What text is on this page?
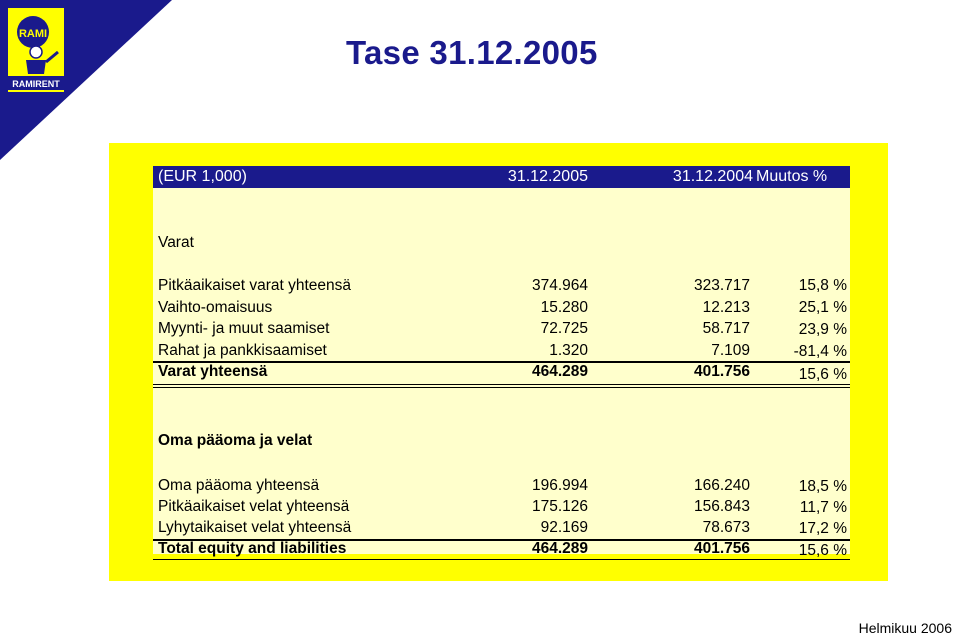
RAMI
RAMIRENT
Tase 31.12.2005
(EUR 1,000)	31.12.2005	31.12.2004 Muutos %
Varat
Pitkäaikaiset varat yhteensä	374.964	323.717	15,8 %
Vaihto-omaisuus	15.280	12.213	25,1 %
Myynti- ja muut saamiset	72.725	58.717	23,9 %
Rahat ja pankkisaamiset	1.320	7.109	-81,4 %
Varat yhteensä	464.289	401.756	15,6 %
Oma pääoma ja velat
Oma pääoma yhteensä	196.994	166.240	18,5 %
Pitkäaikaiset velat yhteensä	175.126	156.843	11,7 %
Lyhytaikaiset velat yhteensä	92.169	78.673	17,2 %
Total equity and liabilities	464.289	401.756	15,6 %
Helmikuu 2006
